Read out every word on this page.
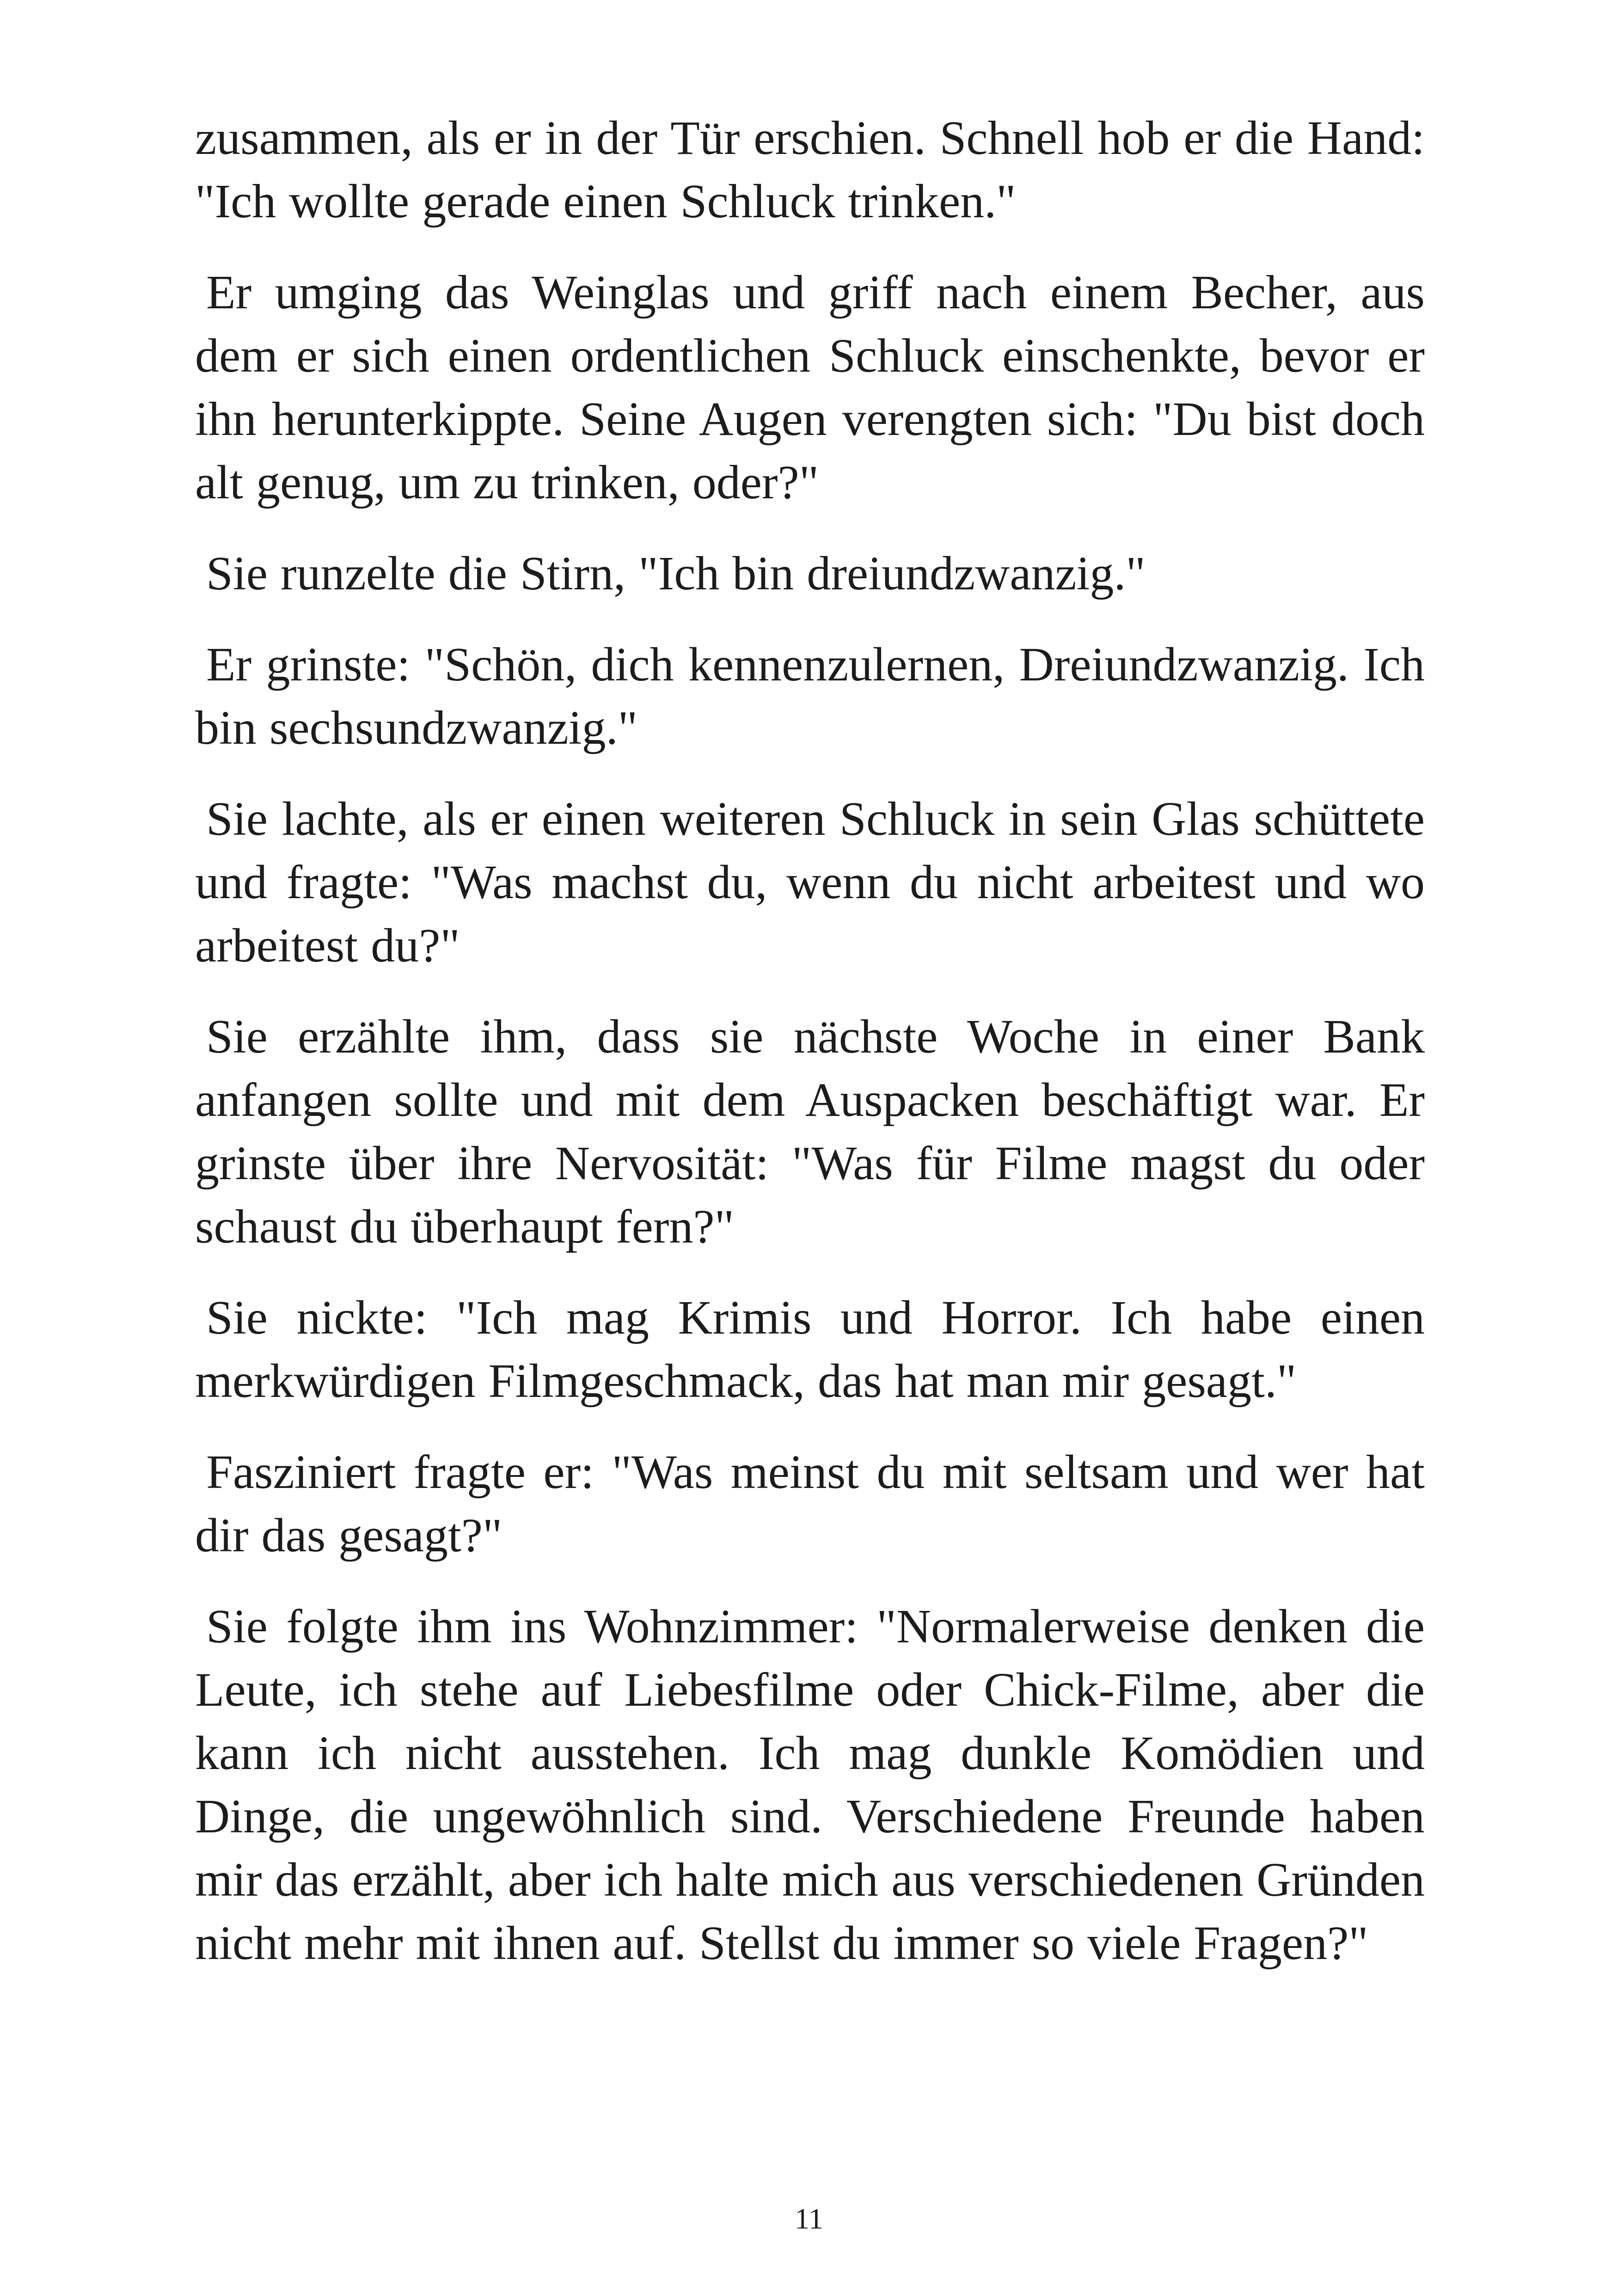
zusammen, als er in der Tür erschien. Schnell hob er die Hand: "Ich wollte gerade einen Schluck trinken."

Er umging das Weinglas und griff nach einem Becher, aus dem er sich einen ordentlichen Schluck einschenkte, bevor er ihn herunterkippte. Seine Augen verengten sich: "Du bist doch alt genug, um zu trinken, oder?"

Sie runzelte die Stirn, "Ich bin dreiundzwanzig."

Er grinste: "Schön, dich kennenzulernen, Dreiundzwanzig. Ich bin sechsundzwanzig."

Sie lachte, als er einen weiteren Schluck in sein Glas schüttete und fragte: "Was machst du, wenn du nicht arbeitest und wo arbeitest du?"

Sie erzählte ihm, dass sie nächste Woche in einer Bank anfangen sollte und mit dem Auspacken beschäftigt war. Er grinste über ihre Nervosität: "Was für Filme magst du oder schaust du überhaupt fern?"

Sie nickte: "Ich mag Krimis und Horror. Ich habe einen merkwürdigen Filmgeschmack, das hat man mir gesagt."

Fasziniert fragte er: "Was meinst du mit seltsam und wer hat dir das gesagt?"

Sie folgte ihm ins Wohnzimmer: "Normalerweise denken die Leute, ich stehe auf Liebesfilme oder Chick-Filme, aber die kann ich nicht ausstehen. Ich mag dunkle Komödien und Dinge, die ungewöhnlich sind. Verschiedene Freunde haben mir das erzählt, aber ich halte mich aus verschiedenen Gründen nicht mehr mit ihnen auf. Stellst du immer so viele Fragen?"

11
